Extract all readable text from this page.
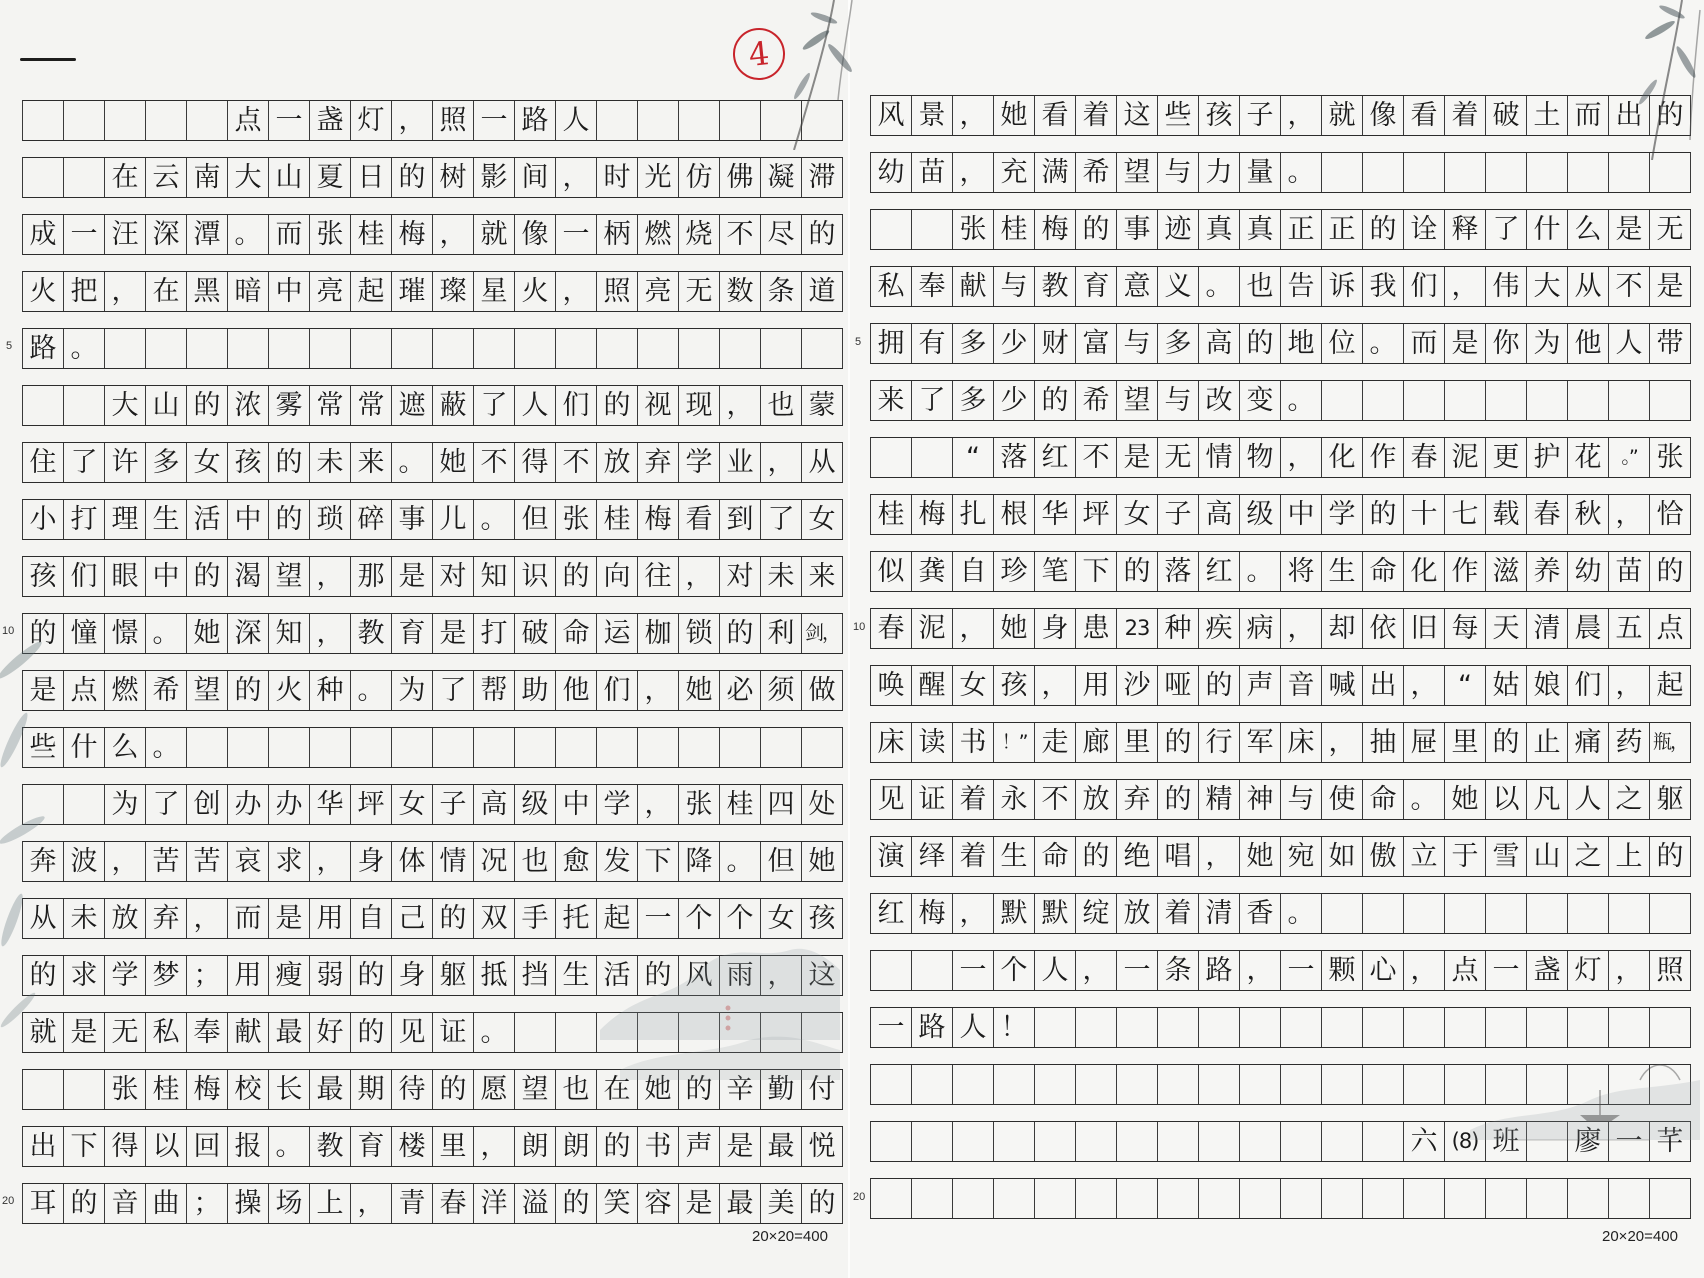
4
点 一 盏 灯 ， 照 一 路 人

在 云 南 大 山 夏 日 的 树 影 间 ， 时 光 仿 佛 凝 滞
成 一 汪 深 潭 。 而 张 桂 梅 ， 就 像 一 柄 燃 烧 不 尽 的
火 把 ， 在 黑 暗 中 亮 起 璀 璨 星 火 ， 照 亮 无 数 条 道
路 。

大 山 的 浓 雾 常 常 遮 蔽 了 人 们 的 视 现 ， 也 蒙
住 了 许 多 女 孩 的 未 来 。 她 不 得 不 放 弃 学 业 ， 从
小 打 理 生 活 中 的 琐 碎 事 儿 。 但 张 桂 梅 看 到 了 女
孩 们 眼 中 的 渴 望 ， 那 是 对 知 识 的 向 往 ， 对 未 来
的 憧 憬 。 她 深 知 ， 教 育 是 打 破 命 运 枷 锁 的 利 剑，
是 点 燃 希 望 的 火 种 。 为 了 帮 助 他 们 ， 她 必 须 做
些 什 么 。

为 了 创 办 办 华 坪 女 子 高 级 中 学 ， 张 桂 四 处
奔 波 ， 苦 苦 哀 求 ， 身 体 情 况 也 愈 发 下 降 。 但 她
从 未 放 弃 ， 而 是 用 自 己 的 双 手 托 起 一 个 个 女 孩
的 求 学 梦 ； 用 瘦 弱 的 身 躯 抵 挡 生 活 的 风 雨 ， 这
就 是 无 私 奉 献 最 好 的 见 证 。

张 桂 梅 校 长 最 期 待 的 愿 望 也 在 她 的 辛 勤 付
出 下 得 以 回 报 。 教 育 楼 里 ， 朗 朗 的 书 声 是 最 悦
耳 的 音 曲 ； 操 场 上 ， 青 春 洋 溢 的 笑 容 是 最 美 的
5
10
20
20×20=400
风 景 ， 她 看 着 这 些 孩 子 ， 就 像 看 着 破 土 而 出 的
幼 苗 ， 充 满 希 望 与 力 量 。

张 桂 梅 的 事 迹 真 真 正 正 的 诠 释 了 什 么 是 无
私 奉 献 与 教 育 意 义 。 也 告 诉 我 们 ， 伟 大 从 不 是
拥 有 多 少 财 富 与 多 高 的 地 位 。 而 是 你 为 他 人 带
来 了 多 少 的 希 望 与 改 变 。

“ 落 红 不 是 无 情 物 ， 化 作 春 泥 更 护 花	。” 张
桂 梅 扎 根 华 坪 女 子 高 级 中 学 的 十 七 载 春 秋 ， 恰
似 龚 自 珍 笔 下 的 落 红 。 将 生 命 化 作 滋 养 幼 苗 的
春 泥 ， 她 身 患 23 种 疾 病 ， 却 依 旧 每 天 清 晨 五 点
唤 醒 女 孩 ， 用 沙 哑 的 声 音 喊 出 ， “ 姑 娘 们 ， 起
床 读 书 ！” 走 廊 里 的 行 军 床 ， 抽 屉 里 的 止 痛 药 瓶，
见 证 着 永 不 放 弃 的 精 神 与 使 命 。 她 以 凡 人 之 躯
演 绎 着 生 命 的 绝 唱 ， 她 宛 如 傲 立 于 雪 山 之 上 的
红 梅 ， 默 默 绽 放 着 清 香 。

一 个 人 ， 一 条 路 ， 一 颗 心 ， 点 一 盏 灯 ， 照
一 路 人 ！
六 (8) 班 廖 一 芊
5
10
20
20×20=400
